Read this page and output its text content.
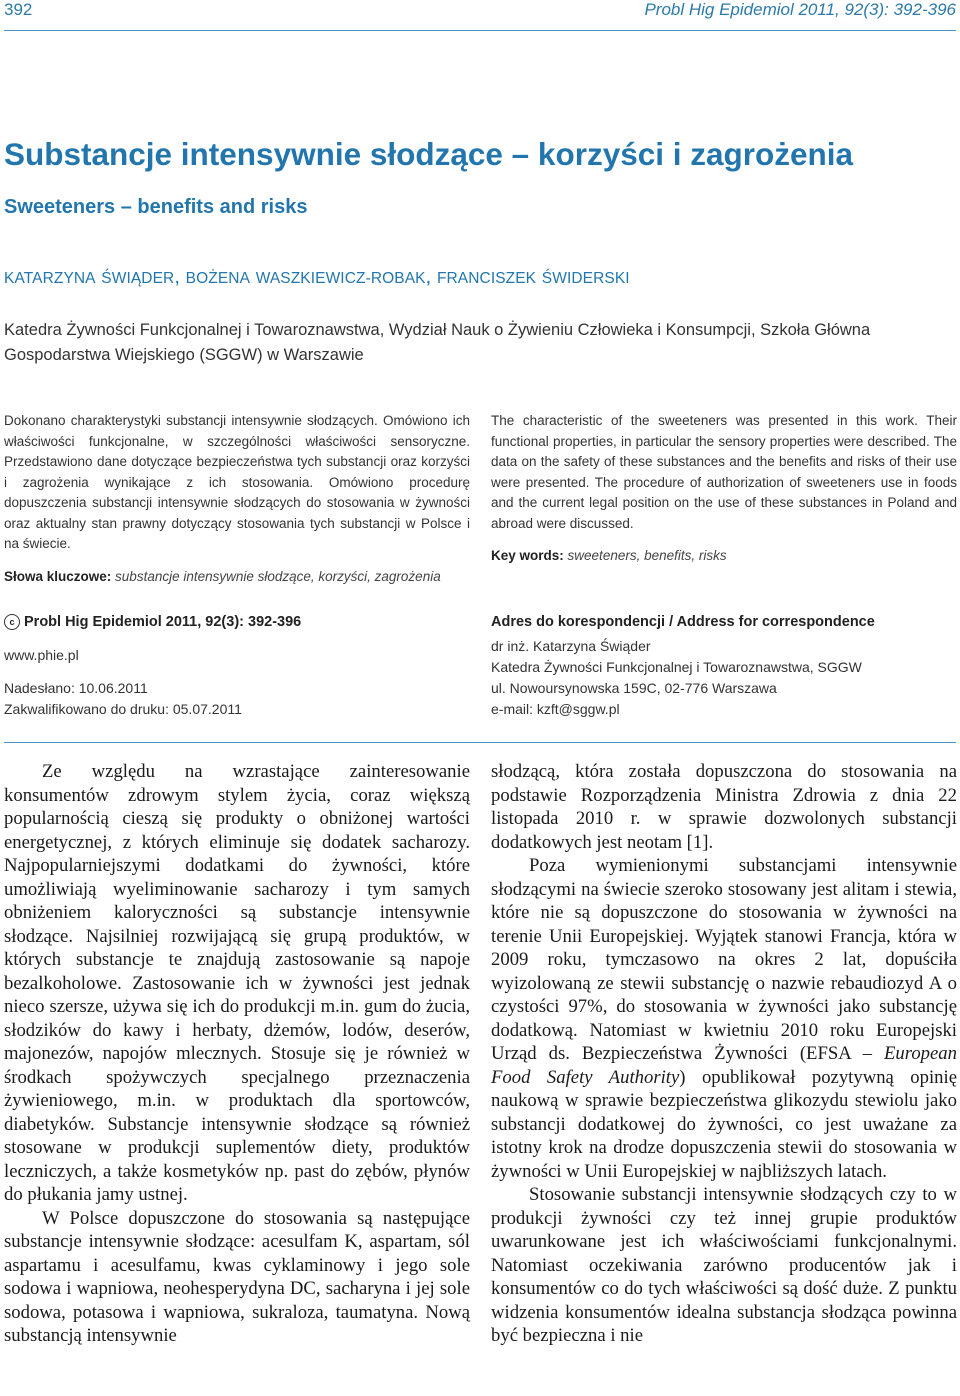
392	Probl Hig Epidemiol 2011, 92(3): 392-396
Substancje intensywnie słodzące – korzyści i zagrożenia
Sweeteners – benefits and risks
KATARZYNA ŚWIĄDER, BOŻENA WASZKIEWICZ-ROBAK, FRANCISZEK ŚWIDERSKI
Katedra Żywności Funkcjonalnej i Towaroznawstwa, Wydział Nauk o Żywieniu Człowieka i Konsumpcji, Szkoła Główna Gospodarstwa Wiejskiego (SGGW) w Warszawie

Dokonano charakterystyki substancji intensywnie słodzących. Omówiono ich właściwości funkcjonalne, w szczególności właściwości sensoryczne. Przedstawiono dane dotyczące bezpieczeństwa tych substancji oraz korzyści i zagrożenia wynikające z ich stosowania. Omówiono procedurę dopuszczenia substancji intensywnie słodzących do stosowania w żywności oraz aktualny stan prawny dotyczący stosowania tych substancji w Polsce i na świecie.

Słowa kluczowe: substancje intensywnie słodzące, korzyści, zagrożenia

The characteristic of the sweeteners was presented in this work. Their functional properties, in particular the sensory properties were described. The data on the safety of these substances and the benefits and risks of their use were presented. The procedure of authorization of sweeteners use in foods and the current legal position on the use of these substances in Poland and abroad were discussed.

Key words: sweeteners, benefits, risks

c Probl Hig Epidemiol 2011, 92(3): 392-396
www.phie.pl
Nadesłano: 10.06.2011
Zakwalifikowano do druku: 05.07.2011
Adres do korespondencji / Address for correspondence
dr inż. Katarzyna Świąder
Katedra Żywności Funkcjonalnej i Towaroznawstwa, SGGW
ul. Nowoursynowska 159C, 02-776 Warszawa
e-mail: kzft@sggw.pl

Ze względu na wzrastające zainteresowanie konsumentów zdrowym stylem życia, coraz większą popularnością cieszą się produkty o obniżonej wartości energetycznej, z których eliminuje się dodatek sacharozy. Najpopularniejszymi dodatkami do żywności, które umożliwiają wyeliminowanie sacharozy i tym samych obniżeniem kaloryczności są substancje intensywnie słodzące. Najsilniej rozwijającą się grupą produktów, w których substancje te znajdują zastosowanie są napoje bezalkoholowe. Zastosowanie ich w żywności jest jednak nieco szersze, używa się ich do produkcji m.in. gum do żucia, słodzików do kawy i herbaty, dżemów, lodów, deserów, majonezów, napojów mlecznych. Stosuje się je również w środkach spożywczych specjalnego przeznaczenia żywieniowego, m.in. w produktach dla sportowców, diabetyków. Substancje intensywnie słodzące są również stosowane w produkcji suplementów diety, produktów leczniczych, a także kosmetyków np. past do zębów, płynów do płukania jamy ustnej.

W Polsce dopuszczone do stosowania są następujące substancje intensywnie słodzące: acesulfam K, aspartam, sól aspartamu i acesulfamu, kwas cyklaminowy i jego sole sodowa i wapniowa, neohesperydyna DC, sacharyna i jej sole sodowa, potasowa i wapniowa, sukraloza, taumatyna. Nową substancją intensywnie

słodzącą, która została dopuszczona do stosowania na podstawie Rozporządzenia Ministra Zdrowia z dnia 22 listopada 2010 r. w sprawie dozwolonych substancji dodatkowych jest neotam [1].

Poza wymienionymi substancjami intensywnie słodzącymi na świecie szeroko stosowany jest alitam i stewia, które nie są dopuszczone do stosowania w żywności na terenie Unii Europejskiej. Wyjątek stanowi Francja, która w 2009 roku, tymczasowo na okres 2 lat, dopuściła wyizolowaną ze stewii substancję o nazwie rebaudiozyd A o czystości 97%, do stosowania w żywności jako substancję dodatkową. Natomiast w kwietniu 2010 roku Europejski Urząd ds. Bezpieczeństwa Żywności (EFSA – European Food Safety Authority) opublikował pozytywną opinię naukową w sprawie bezpieczeństwa glikozydu stewiolu jako substancji dodatkowej do żywności, co jest uważane za istotny krok na drodze dopuszczenia stewii do stosowania w żywności w Unii Europejskiej w najbliższych latach.

Stosowanie substancji intensywnie słodzących czy to w produkcji żywności czy też innej grupie produktów uwarunkowane jest ich właściwościami funkcjonalnymi. Natomiast oczekiwania zarówno producentów jak i konsumentów co do tych właściwości są dość duże. Z punktu widzenia konsumentów idealna substancja słodząca powinna być bezpieczna i nie
